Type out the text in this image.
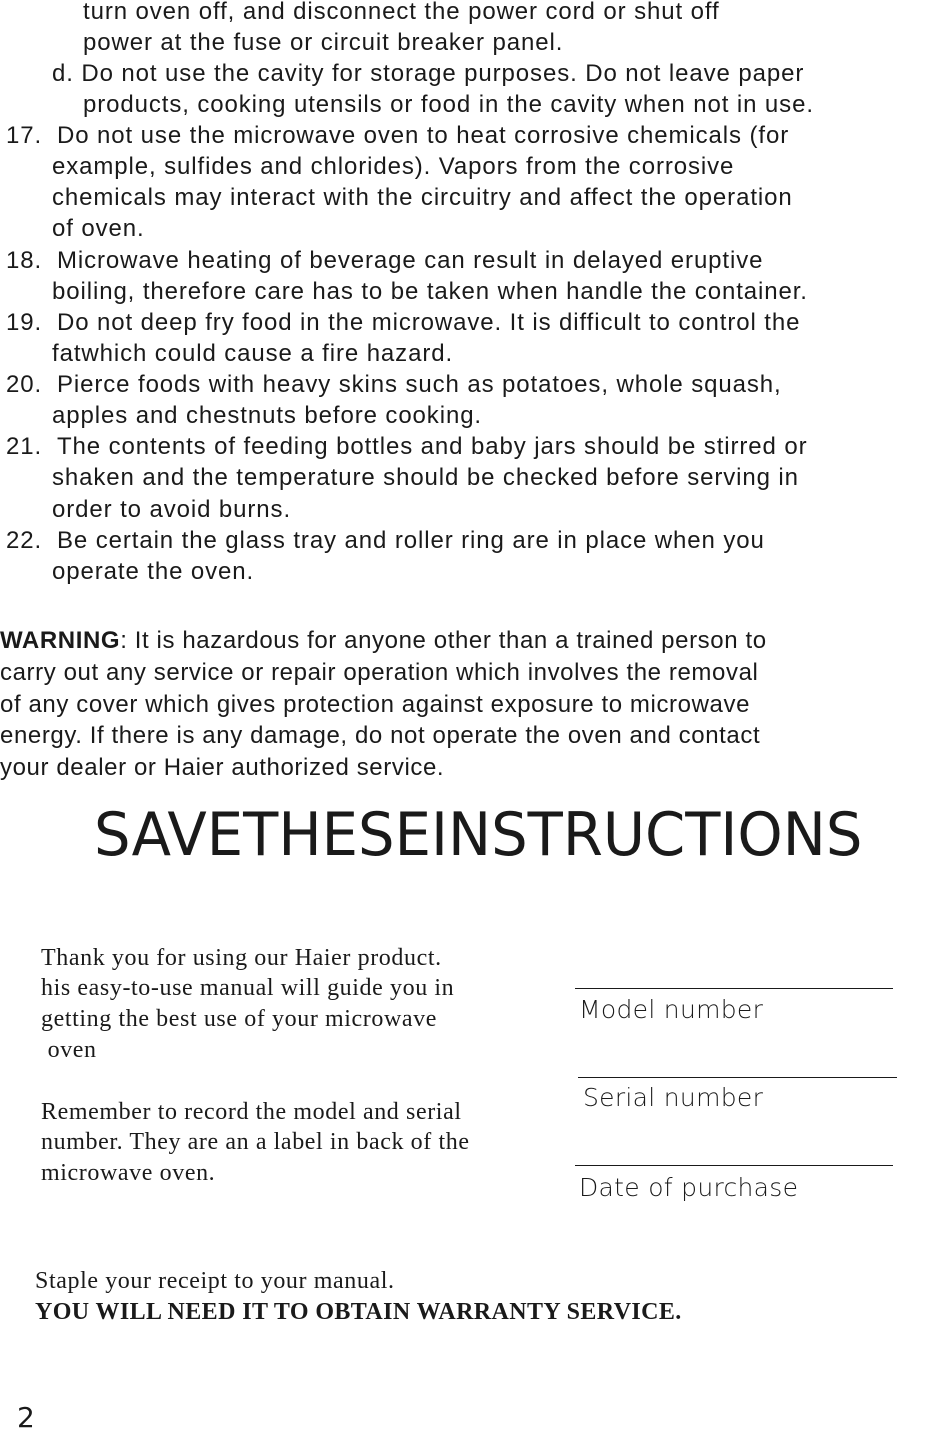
turn oven off, and disconnect the power cord or shut off
power at the fuse or circuit breaker panel.
d. Do not use the cavity for storage purposes. Do not leave paper
products, cooking utensils or food in the cavity when not in use.
17. Do not use the microwave oven to heat corrosive chemicals (for
example, sulfides and chlorides). Vapors from the corrosive
chemicals may interact with the circuitry and affect the operation
of oven.
18. Microwave heating of beverage can result in delayed eruptive
boiling, therefore care has to be taken when handle the container.
19. Do not deep fry food in the microwave. It is difficult to control the
fatwhich could cause a fire hazard.
20. Pierce foods with heavy skins such as potatoes, whole squash,
apples and chestnuts before cooking.
21. The contents of feeding bottles and baby jars should be stirred or
shaken and the temperature should be checked before serving in
order to avoid burns.
22. Be certain the glass tray and roller ring are in place when you
operate the oven.
WARNING: It is hazardous for anyone other than a trained person to
carry out any service or repair operation which involves the removal
of any cover which gives protection against exposure to microwave
energy. If there is any damage, do not operate the oven and contact
your dealer or Haier authorized service.
SAVETHESEINSTRUCTIONS
Thank you for using our Haier product.
his easy-to-use manual will guide you in
getting the best use of your microwave
oven
Remember to record the model and serial
number. They are an a label in back of the
microwave oven.
Model number
Serial number
Date of purchase
Staple your receipt to your manual.
YOU WILL NEED IT TO OBTAIN WARRANTY SERVICE.
2
